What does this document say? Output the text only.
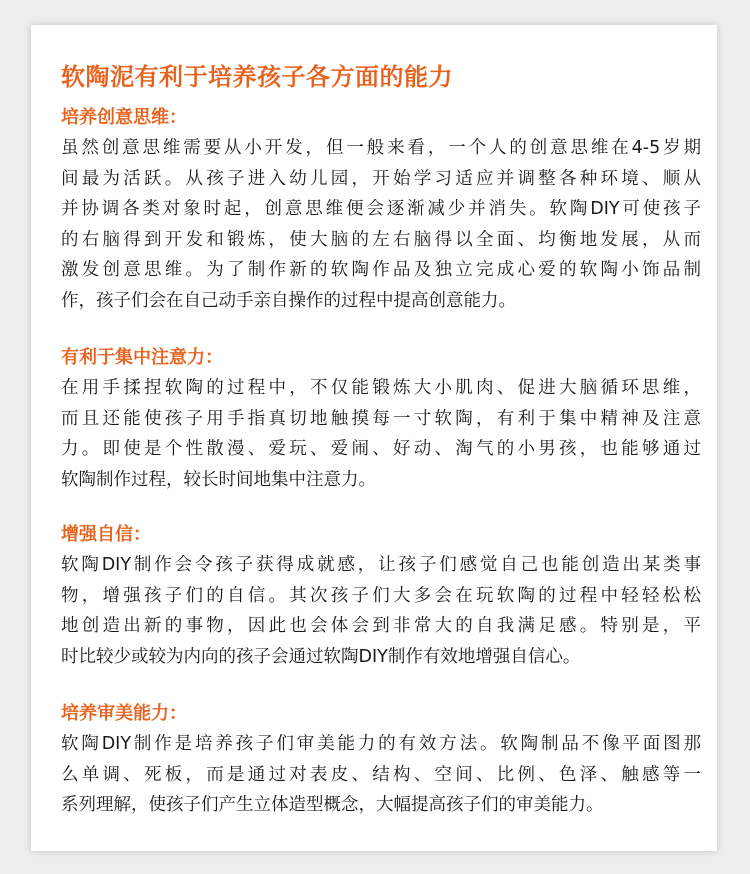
软陶泥有利于培养孩子各方面的能力
培养创意思维：
虽然创意思维需要从小开发，但一般来看，一个人的创意思维在4-5岁期
间最为活跃。从孩子进入幼儿园，开始学习适应并调整各种环境、顺从
并协调各类对象时起，创意思维便会逐渐减少并消失。软陶DIY可使孩子
的右脑得到开发和锻炼，使大脑的左右脑得以全面、均衡地发展，从而
激发创意思维。为了制作新的软陶作品及独立完成心爱的软陶小饰品制
作，孩子们会在自己动手亲自操作的过程中提高创意能力。
有利于集中注意力：
在用手揉捏软陶的过程中，不仅能锻炼大小肌肉、促进大脑循环思维，
而且还能使孩子用手指真切地触摸每一寸软陶，有利于集中精神及注意
力。即使是个性散漫、爱玩、爱闹、好动、淘气的小男孩，也能够通过
软陶制作过程，较长时间地集中注意力。
增强自信：
软陶DIY制作会令孩子获得成就感，让孩子们感觉自己也能创造出某类事
物，增强孩子们的自信。其次孩子们大多会在玩软陶的过程中轻轻松松
地创造出新的事物，因此也会体会到非常大的自我满足感。特别是，平
时比较少或较为内向的孩子会通过软陶DIY制作有效地增强自信心。
培养审美能力：
软陶DIY制作是培养孩子们审美能力的有效方法。软陶制品不像平面图那
么单调、死板，而是通过对表皮、结构、空间、比例、色泽、触感等一
系列理解，使孩子们产生立体造型概念，大幅提高孩子们的审美能力。
